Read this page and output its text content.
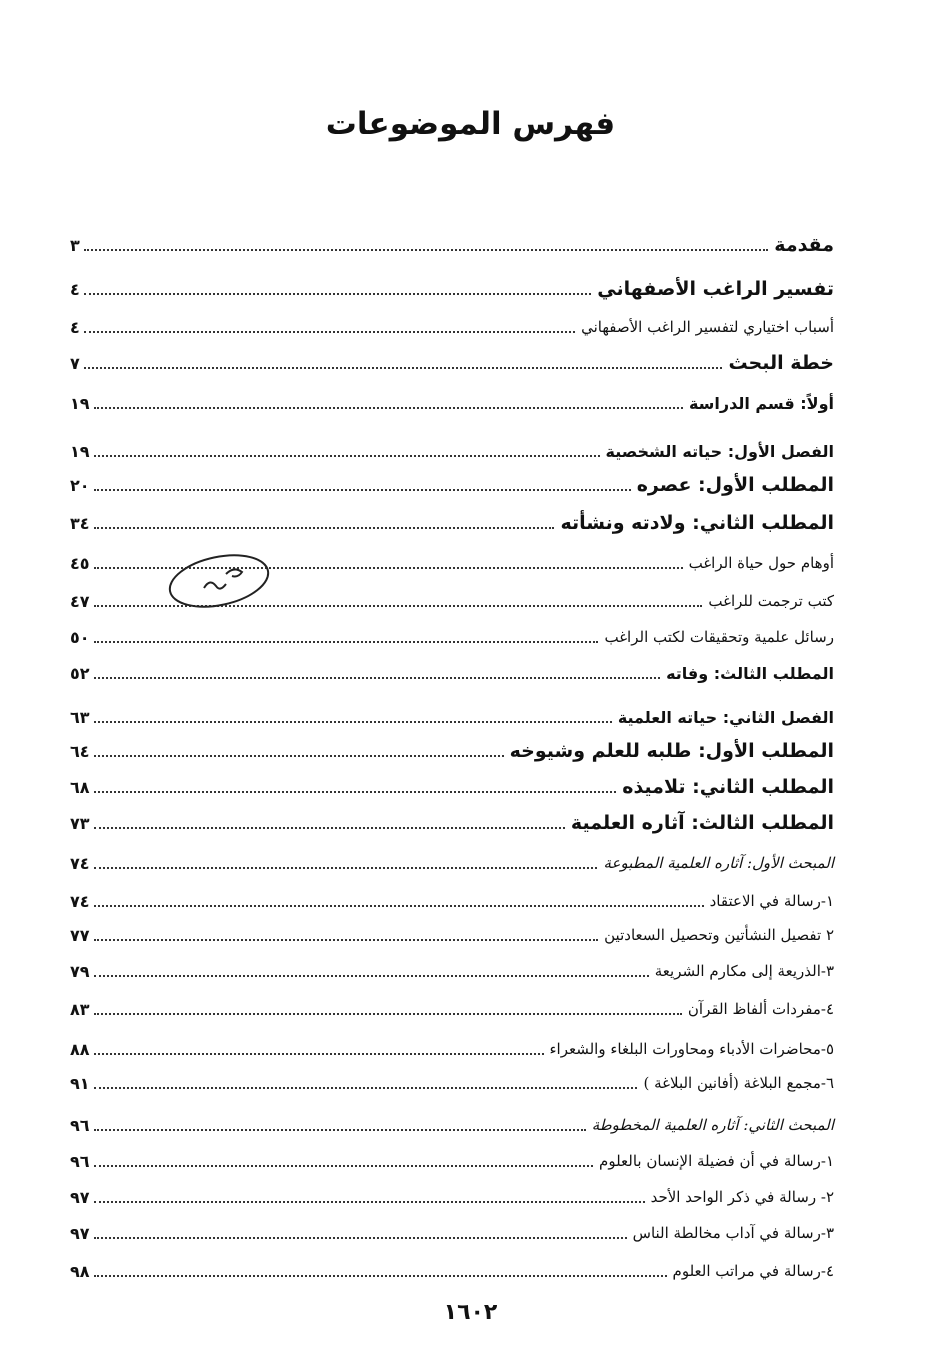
فهرس الموضوعات
مقدمة
٣
تفسير الراغب الأصفهاني
٤
أسباب اختياري لتفسير الراغب الأصفهاني
٤
خطة البحث
٧
أولاً: قسم الدراسة
١٩
الفصل الأول: حياته الشخصية
١٩
المطلب الأول: عصره
٢٠
المطلب الثاني: ولادته ونشأته
٣٤
أوهام حول حياة الراغب
٤٥
كتب ترجمت للراغب
٤٧
رسائل علمية وتحقيقات لكتب الراغب
٥٠
المطلب الثالث: وفاته
٥٢
الفصل الثاني: حياته العلمية
٦٣
المطلب الأول: طلبه للعلم وشيوخه
٦٤
المطلب الثاني: تلاميذه
٦٨
المطلب الثالث: آثاره العلمية
٧٣
المبحث الأول: آثاره العلمية المطبوعة
٧٤
١-رسالة في الاعتقاد
٧٤
٢ تفصيل النشأتين وتحصيل السعادتين
٧٧
٣-الذريعة إلى مكارم الشريعة
٧٩
٤-مفردات ألفاظ القرآن
٨٣
٥-محاضرات الأدباء ومحاورات البلغاء والشعراء
٨٨
٦-مجمع البلاغة (أفانين البلاغة )
٩١
المبحث الثاني: آثاره العلمية المخطوطة
٩٦
١-رسالة في أن فضيلة الإنسان بالعلوم
٩٦
٢- رسالة في ذكر الواحد الأحد
٩٧
٣-رسالة في آداب مخالطة الناس
٩٧
٤-رسالة في مراتب العلوم
٩٨
١٦٠٢
